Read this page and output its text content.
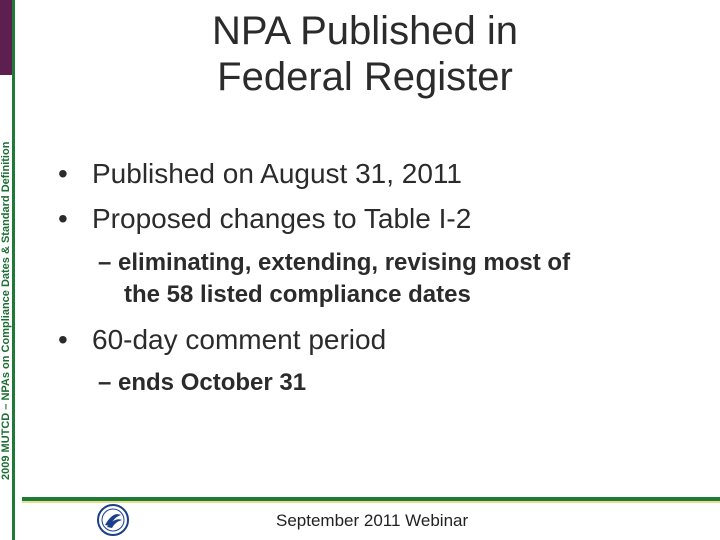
2009 MUTCD – NPAs on Compliance Dates & Standard Definition
NPA Published in
Federal Register
• Published on August 31, 2011
• Proposed changes to Table I-2
– eliminating, extending, revising most of
the 58 listed compliance dates
• 60-day comment period
– ends October 31
September 2011 Webinar
